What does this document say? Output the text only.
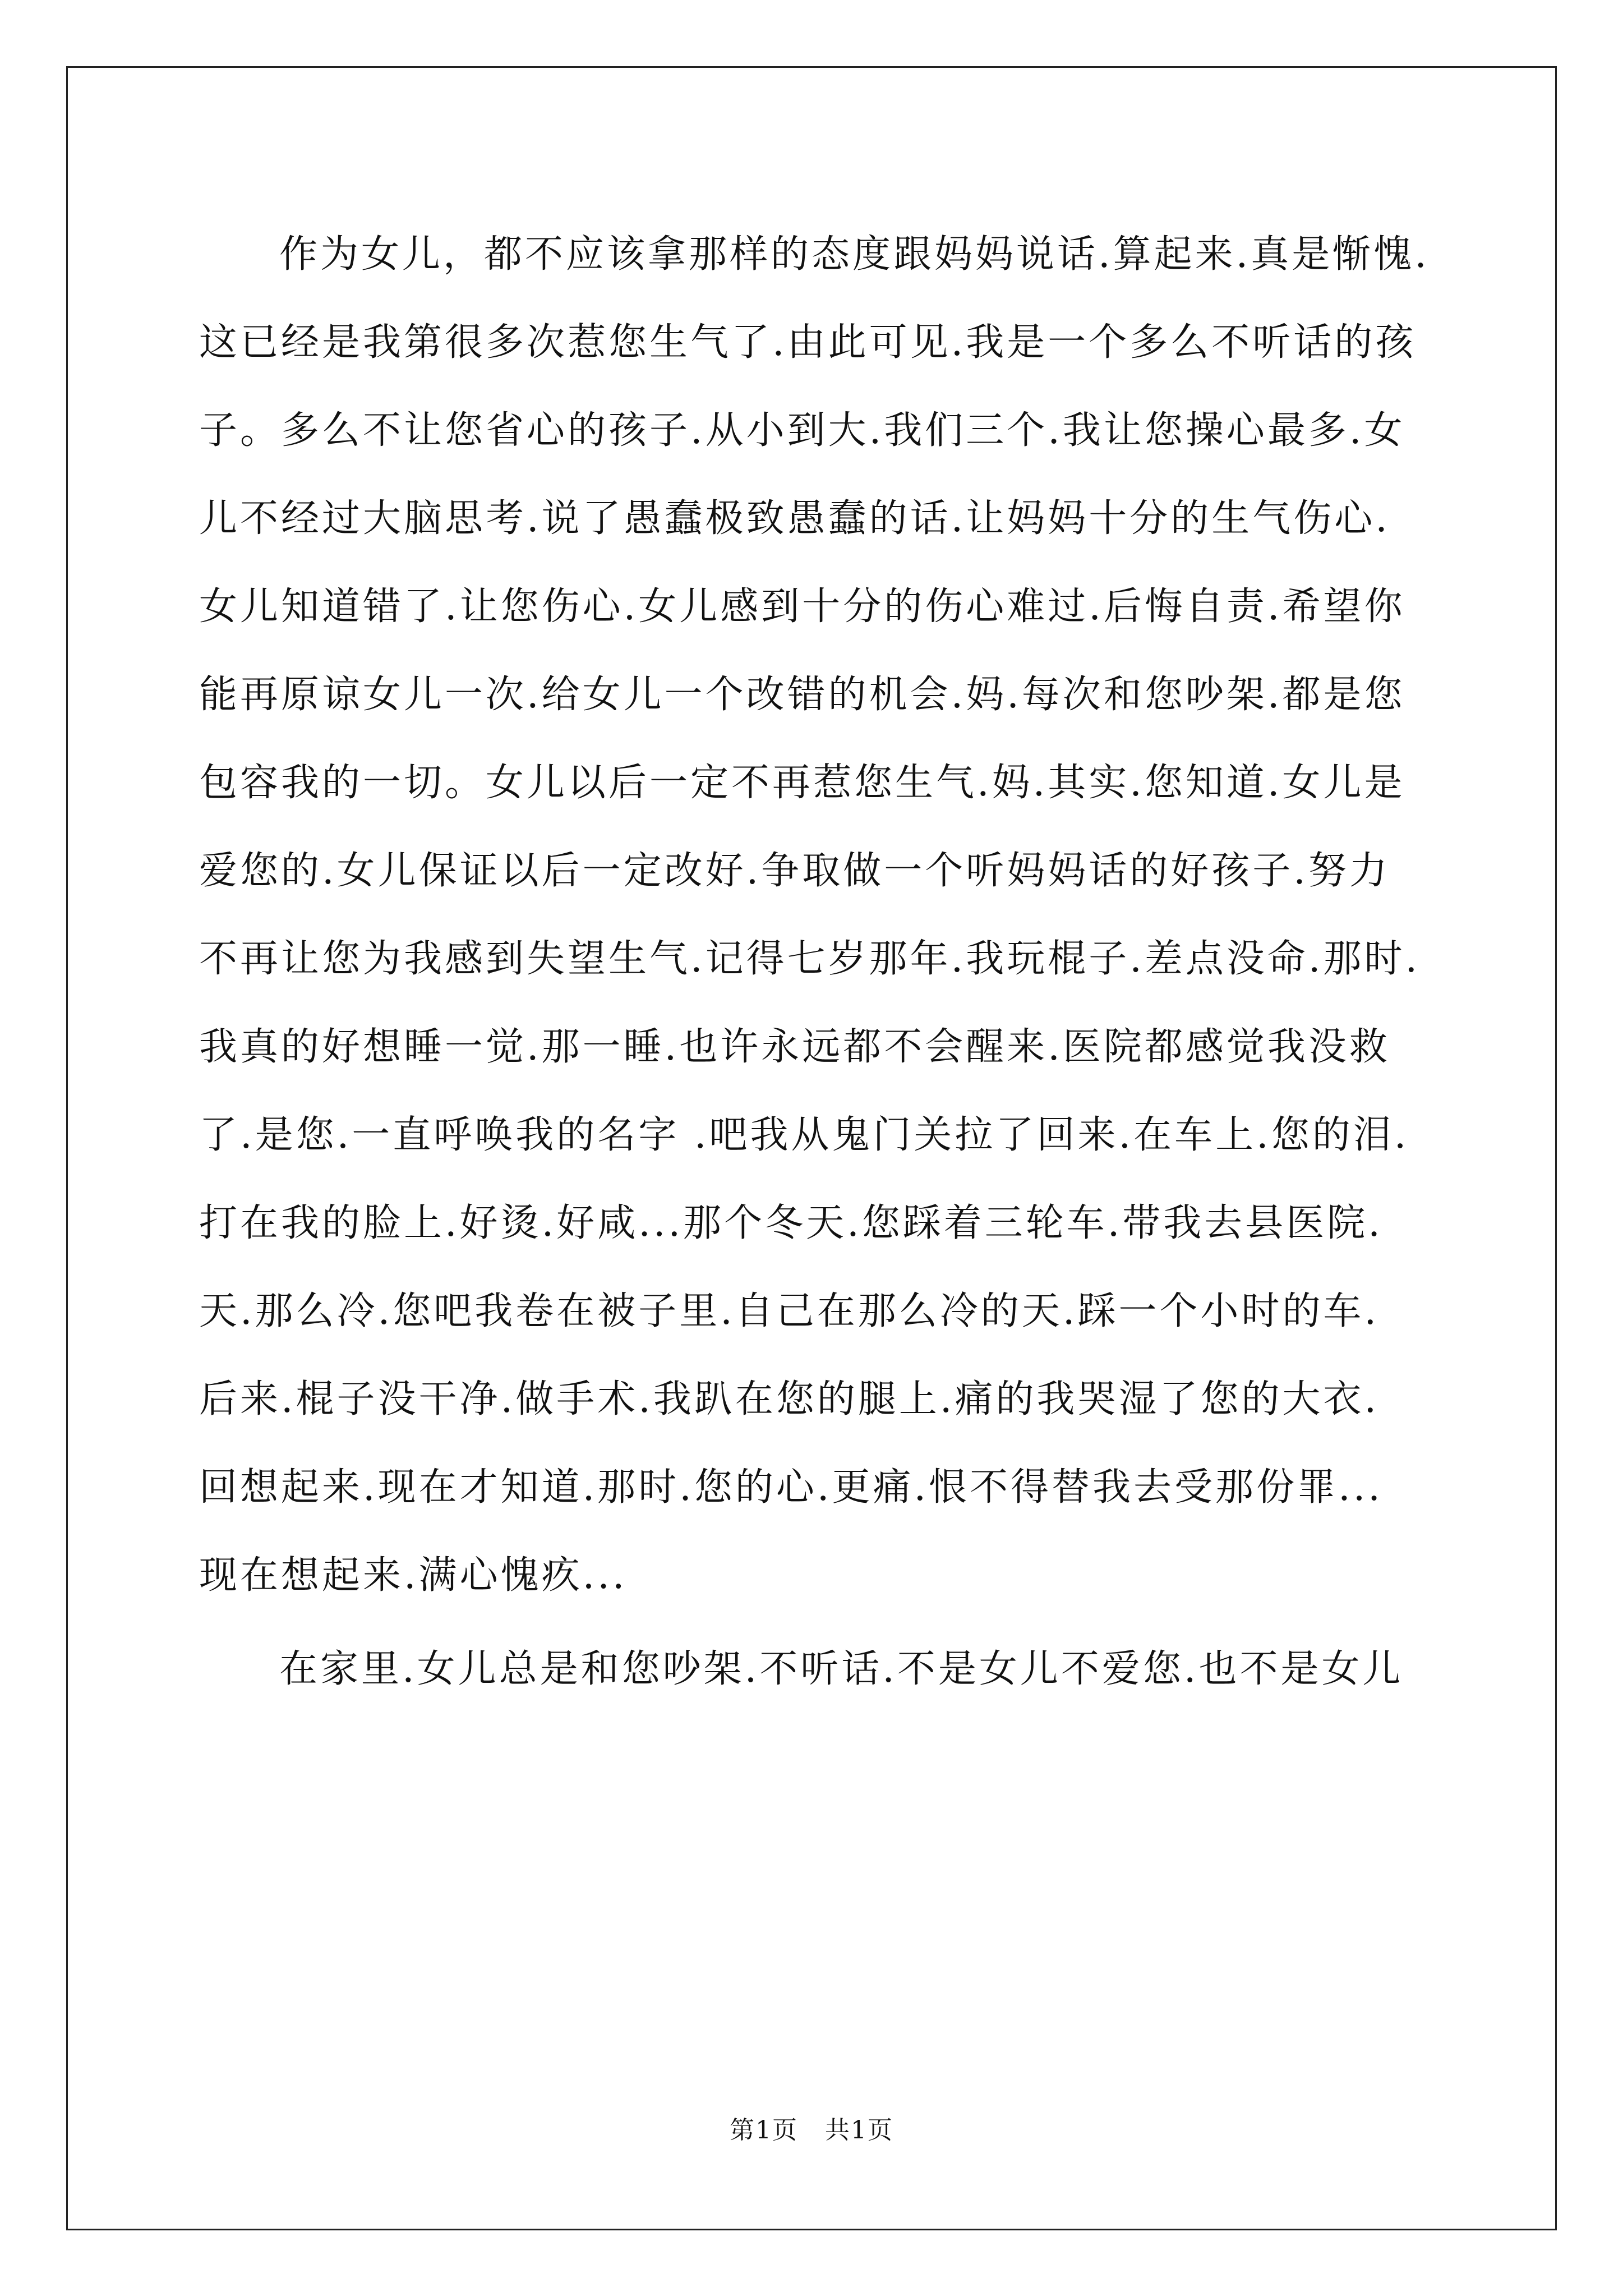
作为女儿，都不应该拿那样的态度跟妈妈说话.算起来.真是惭愧.
这已经是我第很多次惹您生气了.由此可见.我是一个多么不听话的孩
子。多么不让您省心的孩子.从小到大.我们三个.我让您操心最多.女
儿不经过大脑思考.说了愚蠢极致愚蠢的话.让妈妈十分的生气伤心.
女儿知道错了.让您伤心.女儿感到十分的伤心难过.后悔自责.希望你
能再原谅女儿一次.给女儿一个改错的机会.妈.每次和您吵架.都是您
包容我的一切。女儿以后一定不再惹您生气.妈.其实.您知道.女儿是
爱您的.女儿保证以后一定改好.争取做一个听妈妈话的好孩子.努力
不再让您为我感到失望生气.记得七岁那年.我玩棍子.差点没命.那时.
我真的好想睡一觉.那一睡.也许永远都不会醒来.医院都感觉我没救
了.是您.一直呼唤我的名字 .吧我从鬼门关拉了回来.在车上.您的泪.
打在我的脸上.好烫.好咸...那个冬天.您踩着三轮车.带我去县医院.
天.那么冷.您吧我卷在被子里.自己在那么冷的天.踩一个小时的车.
后来.棍子没干净.做手术.我趴在您的腿上.痛的我哭湿了您的大衣.
回想起来.现在才知道.那时.您的心.更痛.恨不得替我去受那份罪...
现在想起来.满心愧疚...
在家里.女儿总是和您吵架.不听话.不是女儿不爱您.也不是女儿
第1页 共1页
